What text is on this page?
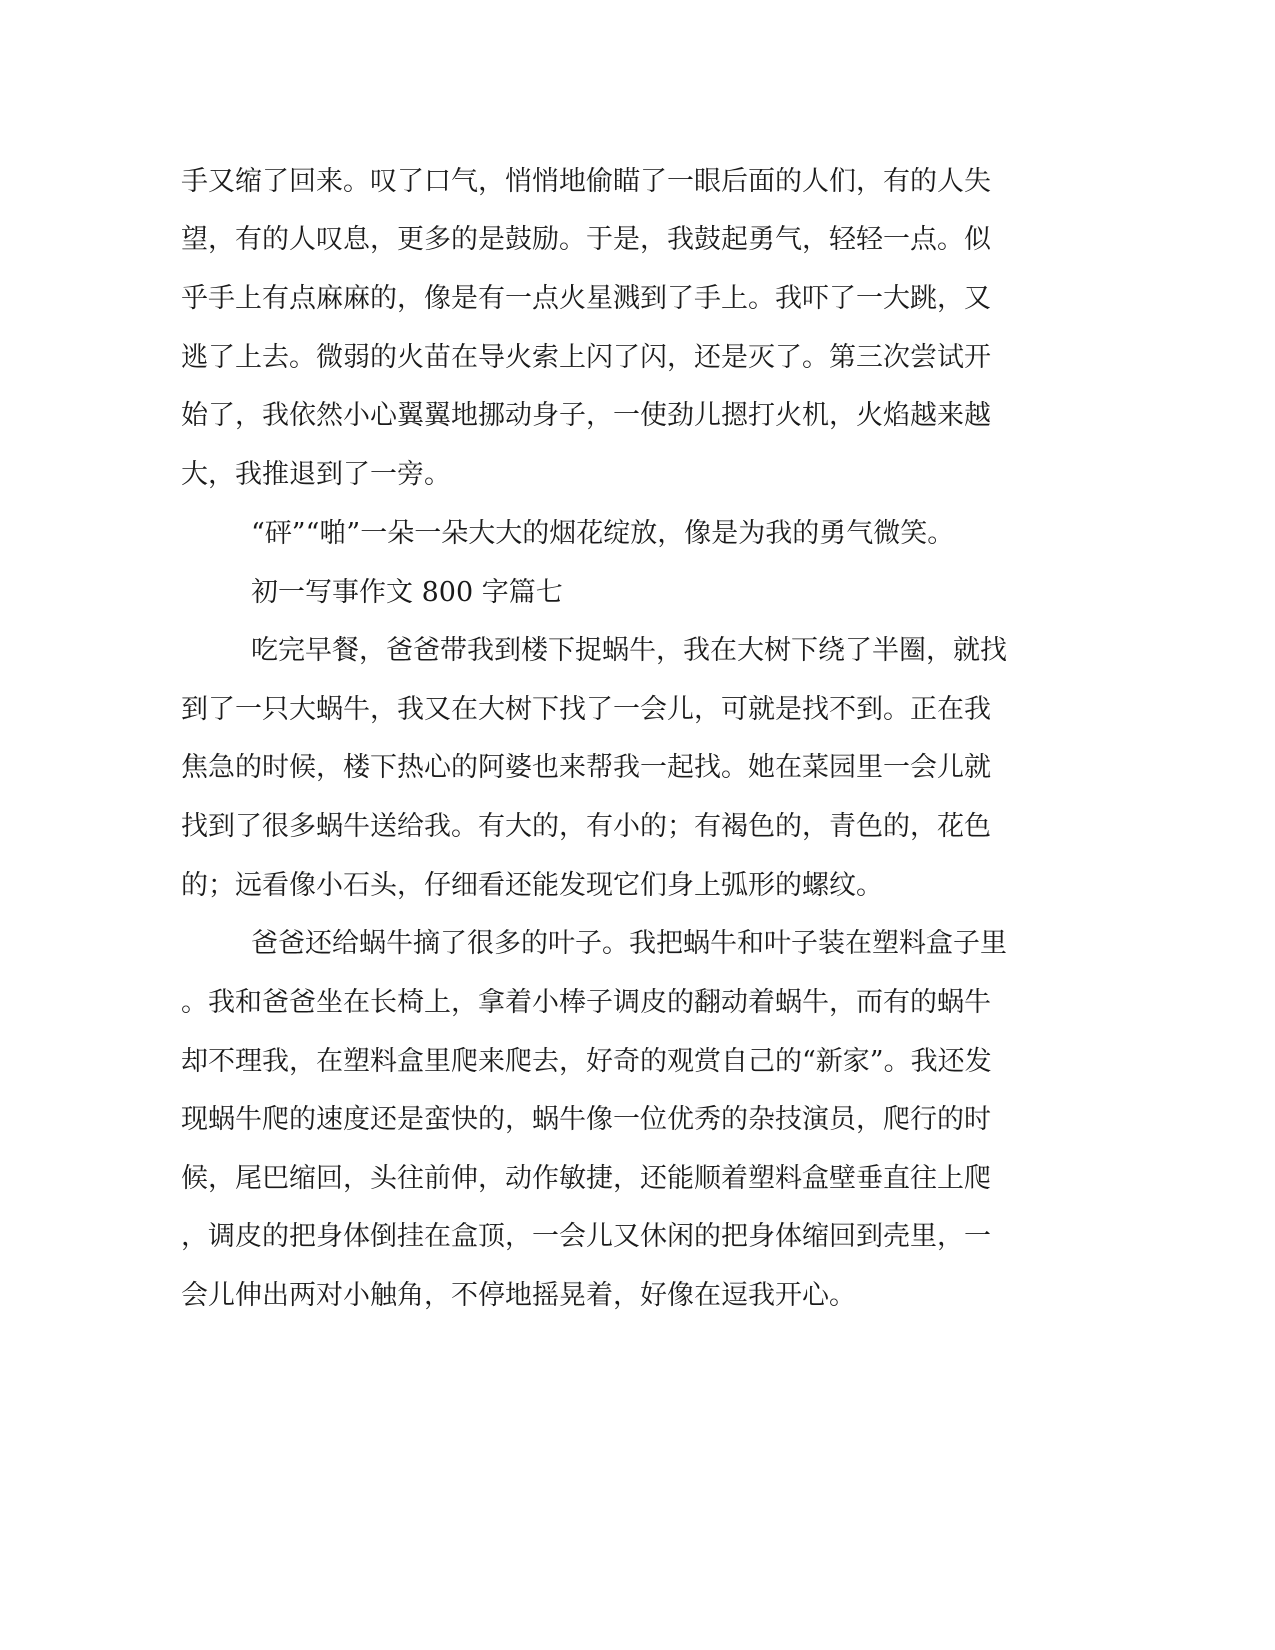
手又缩了回来。叹了口气，悄悄地偷瞄了一眼后面的人们，有的人失

望，有的人叹息，更多的是鼓励。于是，我鼓起勇气，轻轻一点。似

乎手上有点麻麻的，像是有一点火星溅到了手上。我吓了一大跳，又

逃了上去。微弱的火苗在导火索上闪了闪，还是灭了。第三次尝试开

始了，我依然小心翼翼地挪动身子，一使劲儿摁打火机，火焰越来越

大，我推退到了一旁。

“砰”“啪”一朵一朵大大的烟花绽放，像是为我的勇气微笑。

初一写事作文 800 字篇七

吃完早餐，爸爸带我到楼下捉蜗牛，我在大树下绕了半圈，就找

到了一只大蜗牛，我又在大树下找了一会儿，可就是找不到。正在我

焦急的时候，楼下热心的阿婆也来帮我一起找。她在菜园里一会儿就

找到了很多蜗牛送给我。有大的，有小的；有褐色的，青色的，花色

的；远看像小石头，仔细看还能发现它们身上弧形的螺纹。

爸爸还给蜗牛摘了很多的叶子。我把蜗牛和叶子装在塑料盒子里

。我和爸爸坐在长椅上，拿着小棒子调皮的翻动着蜗牛，而有的蜗牛

却不理我，在塑料盒里爬来爬去，好奇的观赏自己的“新家”。我还发

现蜗牛爬的速度还是蛮快的，蜗牛像一位优秀的杂技演员，爬行的时

候，尾巴缩回，头往前伸，动作敏捷，还能顺着塑料盒壁垂直往上爬

，调皮的把身体倒挂在盒顶，一会儿又休闲的把身体缩回到壳里，一

会儿伸出两对小触角，不停地摇晃着，好像在逗我开心。
